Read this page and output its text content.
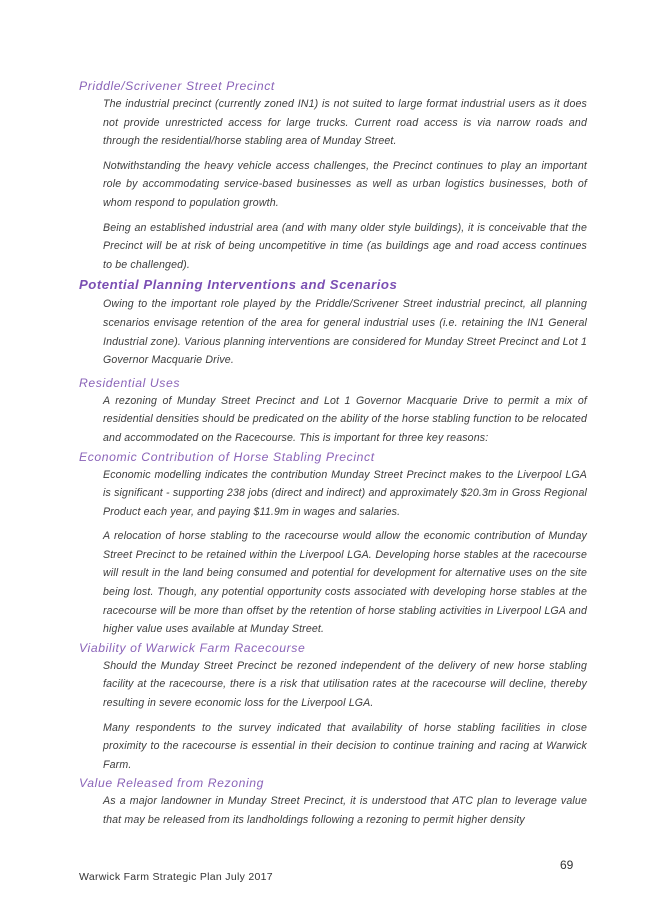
Priddle/Scrivener Street Precinct

The industrial precinct (currently zoned IN1) is not suited to large format industrial users as it does not provide unrestricted access for large trucks. Current road access is via narrow roads and through the residential/horse stabling area of Munday Street.

Notwithstanding the heavy vehicle access challenges, the Precinct continues to play an important role by accommodating service-based businesses as well as urban logistics businesses, both of whom respond to population growth.

Being an established industrial area (and with many older style buildings), it is conceivable that the Precinct will be at risk of being uncompetitive in time (as buildings age and road access continues to be challenged).

Potential Planning Interventions and Scenarios

Owing to the important role played by the Priddle/Scrivener Street industrial precinct, all planning scenarios envisage retention of the area for general industrial uses (i.e. retaining the IN1 General Industrial zone). Various planning interventions are considered for Munday Street Precinct and Lot 1 Governor Macquarie Drive.

Residential Uses

A rezoning of Munday Street Precinct and Lot 1 Governor Macquarie Drive to permit a mix of residential densities should be predicated on the ability of the horse stabling function to be relocated and accommodated on the Racecourse. This is important for three key reasons:

Economic Contribution of Horse Stabling Precinct

Economic modelling indicates the contribution Munday Street Precinct makes to the Liverpool LGA is significant - supporting 238 jobs (direct and indirect) and approximately $20.3m in Gross Regional Product each year, and paying $11.9m in wages and salaries.

A relocation of horse stabling to the racecourse would allow the economic contribution of Munday Street Precinct to be retained within the Liverpool LGA. Developing horse stables at the racecourse will result in the land being consumed and potential for development for alternative uses on the site being lost. Though, any potential opportunity costs associated with developing horse stables at the racecourse will be more than offset by the retention of horse stabling activities in Liverpool LGA and higher value uses available at Munday Street.

Viability of Warwick Farm Racecourse

Should the Munday Street Precinct be rezoned independent of the delivery of new horse stabling facility at the racecourse, there is a risk that utilisation rates at the racecourse will decline, thereby resulting in severe economic loss for the Liverpool LGA.

Many respondents to the survey indicated that availability of horse stabling facilities in close proximity to the racecourse is essential in their decision to continue training and racing at Warwick Farm.

Value Released from Rezoning

As a major landowner in Munday Street Precinct, it is understood that ATC plan to leverage value that may be released from its landholdings following a rezoning to permit higher density

69
Warwick Farm Strategic Plan July 2017
